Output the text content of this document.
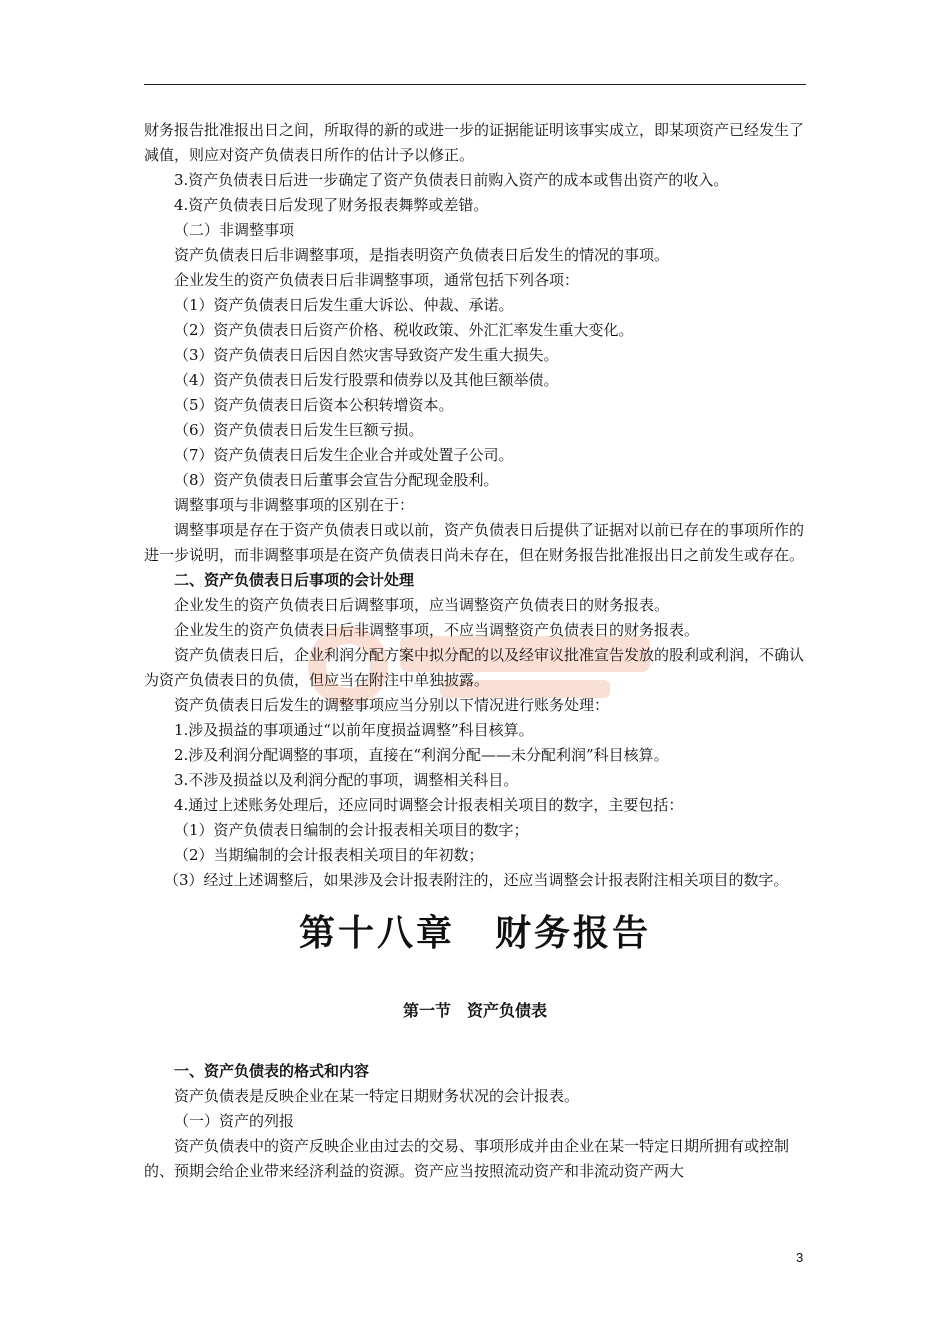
财务报告批准报出日之间，所取得的新的或进一步的证据能证明该事实成立，即某项资产已经发生了减值，则应对资产负债表日所作的估计予以修正。

3.资产负债表日后进一步确定了资产负债表日前购入资产的成本或售出资产的收入。

4.资产负债表日后发现了财务报表舞弊或差错。

（二）非调整事项

资产负债表日后非调整事项，是指表明资产负债表日后发生的情况的事项。

企业发生的资产负债表日后非调整事项，通常包括下列各项：

（1）资产负债表日后发生重大诉讼、仲裁、承诺。

（2）资产负债表日后资产价格、税收政策、外汇汇率发生重大变化。

（3）资产负债表日后因自然灾害导致资产发生重大损失。

（4）资产负债表日后发行股票和债券以及其他巨额举债。

（5）资产负债表日后资本公积转增资本。

（6）资产负债表日后发生巨额亏损。

（7）资产负债表日后发生企业合并或处置子公司。

（8）资产负债表日后董事会宣告分配现金股利。

调整事项与非调整事项的区别在于：

调整事项是存在于资产负债表日或以前，资产负债表日后提供了证据对以前已存在的事项所作的进一步说明，而非调整事项是在资产负债表日尚未存在，但在财务报告批准报出日之前发生或存在。

二、资产负债表日后事项的会计处理

企业发生的资产负债表日后调整事项，应当调整资产负债表日的财务报表。

企业发生的资产负债表日后非调整事项，不应当调整资产负债表日的财务报表。

资产负债表日后，企业利润分配方案中拟分配的以及经审议批准宣告发放的股利或利润，不确认为资产负债表日的负债，但应当在附注中单独披露。

资产负债表日后发生的调整事项应当分别以下情况进行账务处理：

1.涉及损益的事项通过“以前年度损益调整”科目核算。

2.涉及利润分配调整的事项，直接在“利润分配——未分配利润”科目核算。

3.不涉及损益以及利润分配的事项，调整相关科目。

4.通过上述账务处理后，还应同时调整会计报表相关项目的数字，主要包括：

（1）资产负债表日编制的会计报表相关项目的数字；

（2）当期编制的会计报表相关项目的年初数；

（3）经过上述调整后，如果涉及会计报表附注的，还应当调整会计报表附注相关项目的数字。

第十八章 财务报告
第一节 资产负债表

一、资产负债表的格式和内容

资产负债表是反映企业在某一特定日期财务状况的会计报表。

（一）资产的列报

资产负债表中的资产反映企业由过去的交易、事项形成并由企业在某一特定日期所拥有或控制的、预期会给企业带来经济利益的资源。资产应当按照流动资产和非流动资产两大

3
